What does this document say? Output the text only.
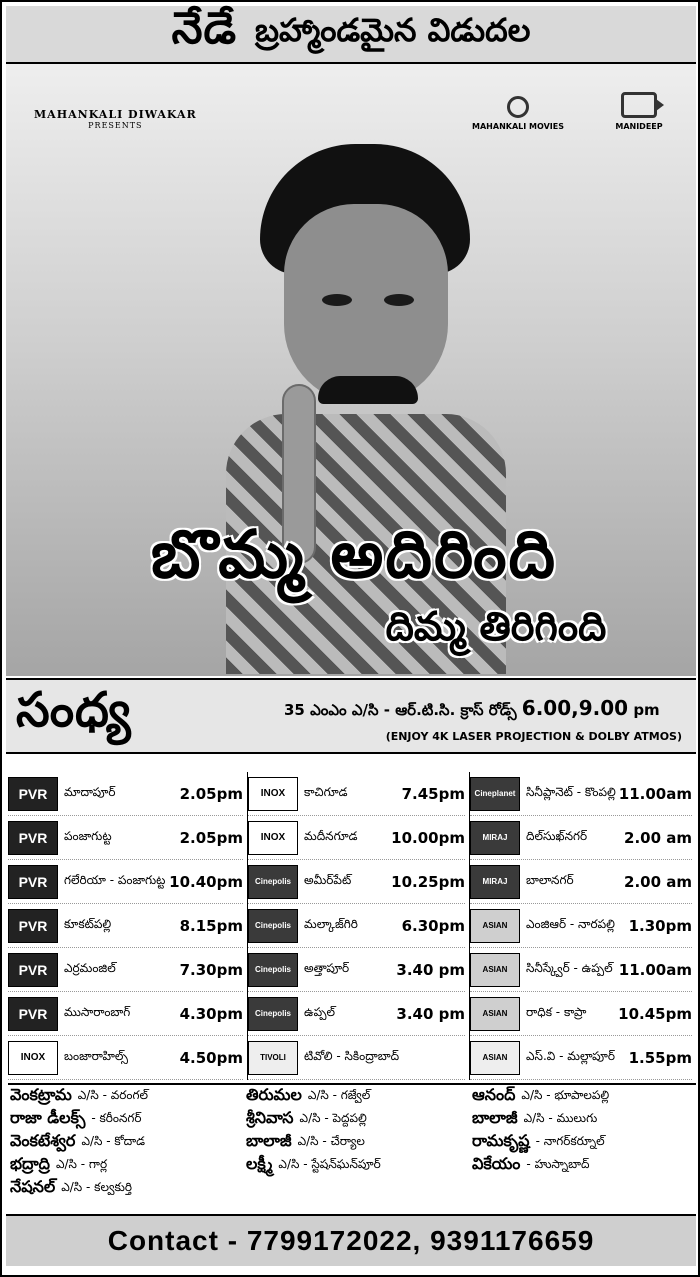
నేడే బ్రహ్మాండమైన విడుదల
MAHANKALI DIWAKAR
PRESENTS	MAHANKALI MOVIES	MANIDEEP
బొమ్మ అదిరింది
దిమ్మ తిరిగింది
సంధ్య	35 ఎంఎం ఎ/సి - ఆర్.టి.సి. క్రాస్ రోడ్స్ 6.00,9.00 pm
(ENJOY 4K LASER PROJECTION & DOLBY ATMOS)
PVR	మాదాపూర్	2.05pm
PVR	పంజాగుట్ట	2.05pm
PVR	గలేరియా - పంజాగుట్ట 10.40pm
PVR	కూకట్‌పల్లి	8.15pm
PVR	ఎర్రమంజిల్	7.30pm
PVR	ముసారాంబాగ్	4.30pm
INOX	బంజారాహిల్స్	4.50pm
INOX	కాచిగూడ	7.45pm
INOX	మదీనగూడ	10.00pm
Cinepolis	అమీర్‌పేట్	10.25pm
Cinepolis	మల్కాజ్‌గిరి	6.30pm
Cinepolis	అత్తాపూర్	3.40 pm
Cinepolis	ఉప్పల్	3.40 pm
TIVOLI	టివోలి - సికింద్రాబాద్
Cineplanet సినీప్లానెట్ - కొంపల్లి 11.00am
MIRAJ	దిల్‌సుఖ్‌నగర్	2.00 am
MIRAJ	బాలానగర్	2.00 am
ASIAN	ఎంజిఆర్ - నారపల్లి 1.30pm
ASIAN	సినీస్క్వేర్ - ఉప్పల్ 11.00am
ASIAN	రాధిక - కాప్రా	10.45pm
ASIAN	ఎస్.వి - మల్లాపూర్ 1.55pm
వెంకట్రామ ఎ/సి - వరంగల్
రాజా డీలక్స్ - కరీంనగర్
వెంకటేశ్వర ఎ/సి - కోదాడ
భద్రాద్రి ఎ/సి - గార్ల
నేషనల్ ఎ/సి - కల్వకుర్తి
తిరుమల ఎ/సి - గజ్వేల్
శ్రీనివాస ఎ/సి - పెద్దపల్లి
బాలాజీ ఎ/సి - చేర్యాల
లక్ష్మీ ఎ/సి - స్టేషన్‌ఘన్‌పూర్
ఆనంద్ ఎ/సి - భూపాలపల్లి
బాలాజీ ఎ/సి - ములుగు
రామకృష్ణ - నాగర్‌కర్నూల్
వికేయం - హుస్నాబాద్
Contact - 7799172022, 9391176659
